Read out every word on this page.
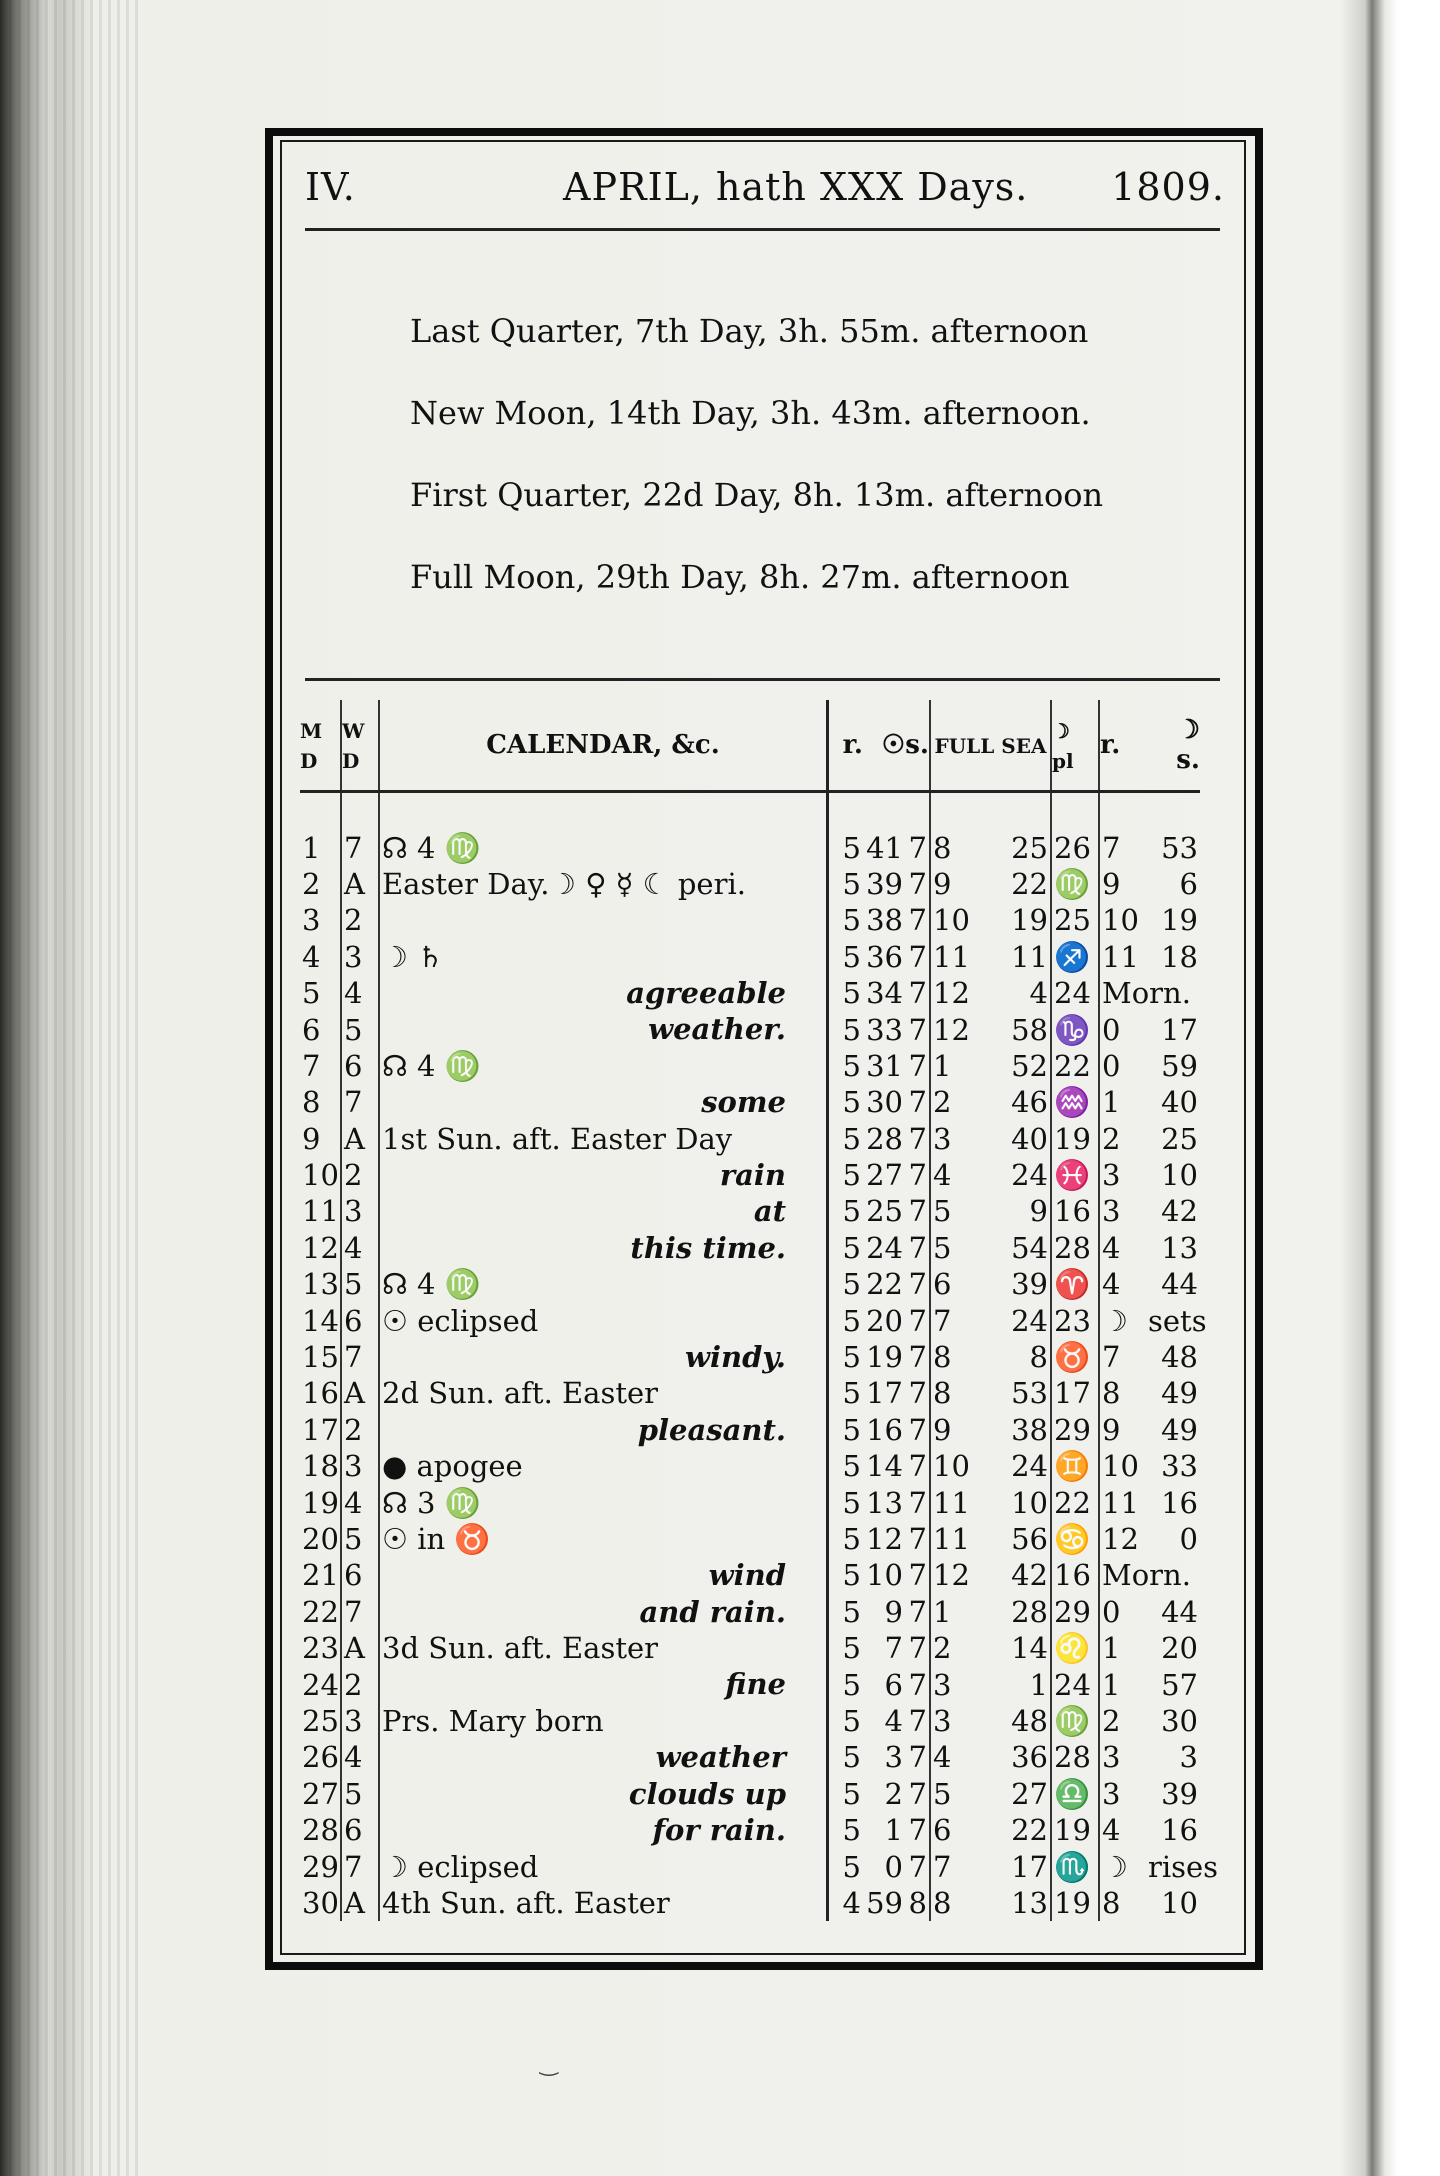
IV.	APRIL, hath XXX Days. 1809.
Last Quarter, 7th Day, 3h. 55m. afternoon
New Moon, 14th Day, 3h. 43m. afternoon.
First Quarter, 22d Day, 8h. 13m. afternoon
Full Moon, 29th Day, 8h. 27m. afternoon
M D	W D	CALENDAR, &c.	r.	☉	s.	FULL SEA		☽ pl	r.	☽ s.

1	7	☊ 4 ♍	5	41	7	8	25	26	7	53
2	A	Easter Day. ☽ ♀ ☿ ☾ peri.	5	39	7	9	22	♍	9	6
3	2		5	38	7	10	19	25	10	19
4	3	☽ ♄	5	36	7	11	11	♐	11	18
5	4	agreeable	5	34	7	12	4	24	Morn.	
6	5	weather.	5	33	7	12	58	♑	0	17
7	6	☊ 4 ♍	5	31	7	1	52	22	0	59
8	7	some	5	30	7	2	46	♒	1	40
9	A	1st Sun. aft. Easter Day	5	28	7	3	40	19	2	25
10	2	rain	5	27	7	4	24	♓	3	10
11	3	at	5	25	7	5	9	16	3	42
12	4	this time.	5	24	7	5	54	28	4	13
13	5	☊ 4 ♍	5	22	7	6	39	♈	4	44
14	6	☉ eclipsed	5	20	7	7	24	23	☽	sets
15	7	windy.	5	19	7	8	8	♉	7	48
16	A	2d Sun. aft. Easter	5	17	7	8	53	17	8	49
17	2	pleasant.	5	16	7	9	38	29	9	49
18	3	● apogee	5	14	7	10	24	♊	10	33
19	4	☊ 3 ♍	5	13	7	11	10	22	11	16
20	5	☉ in ♉	5	12	7	11	56	♋	12	0
21	6	wind	5	10	7	12	42	16	Morn.	
22	7	and rain.	5	9	7	1	28	29	0	44
23	A	3d Sun. aft. Easter	5	7	7	2	14	♌	1	20
24	2	fine	5	6	7	3	1	24	1	57
25	3	Prs. Mary born	5	4	7	3	48	♍	2	30
26	4	weather	5	3	7	4	36	28	3	3
27	5	clouds up	5	2	7	5	27	♎	3	39
28	6	for rain.	5	1	7	6	22	19	4	16
29	7	☽ eclipsed	5	0	7	7	17	♏	☽	rises
30	A	4th Sun. aft. Easter	4	59	8	8	13	19	8	10
‿
